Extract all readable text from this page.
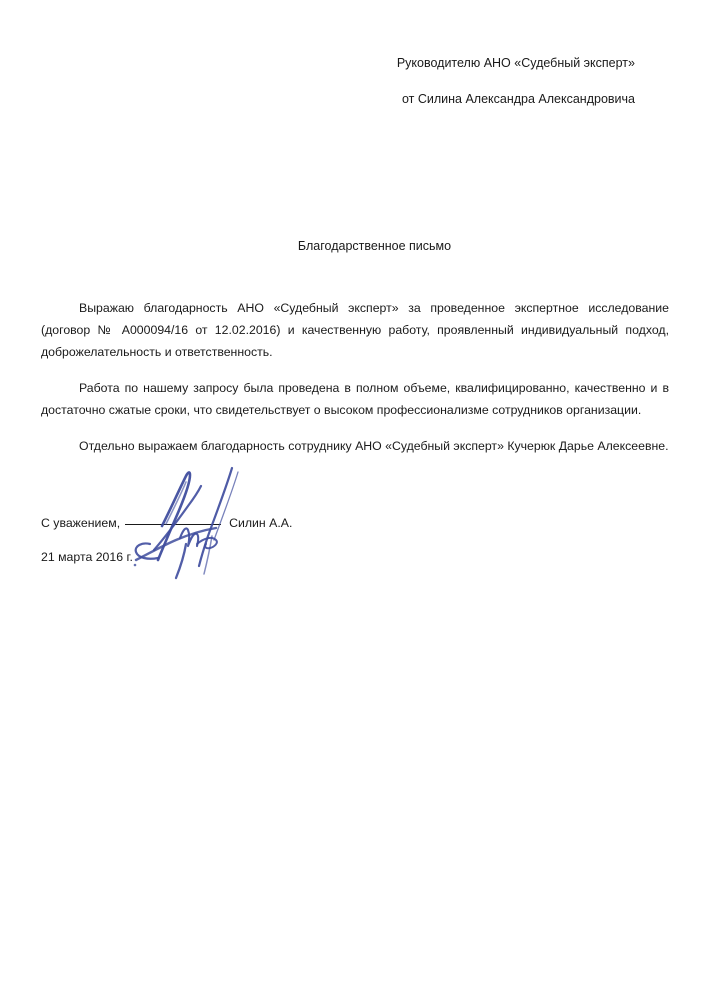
Руководителю АНО «Судебный эксперт»
от Силина Александра Александровича
Благодарственное письмо

Выражаю благодарность АНО «Судебный эксперт» за проведенное экспертное исследование (договор № А000094/16 от 12.02.2016) и качественную работу, проявленный индивидуальный подход, доброжелательность и ответственность.

Работа по нашему запросу была проведена в полном объеме, квалифицированно, качественно и в достаточно сжатые сроки, что свидетельствует о высоком профессионализме сотрудников организации.

Отдельно выражаем благодарность сотруднику АНО «Судебный эксперт» Кучерюк Дарье Алексеевне.

С уважением,	Силин А.А.
21 марта 2016 г.
